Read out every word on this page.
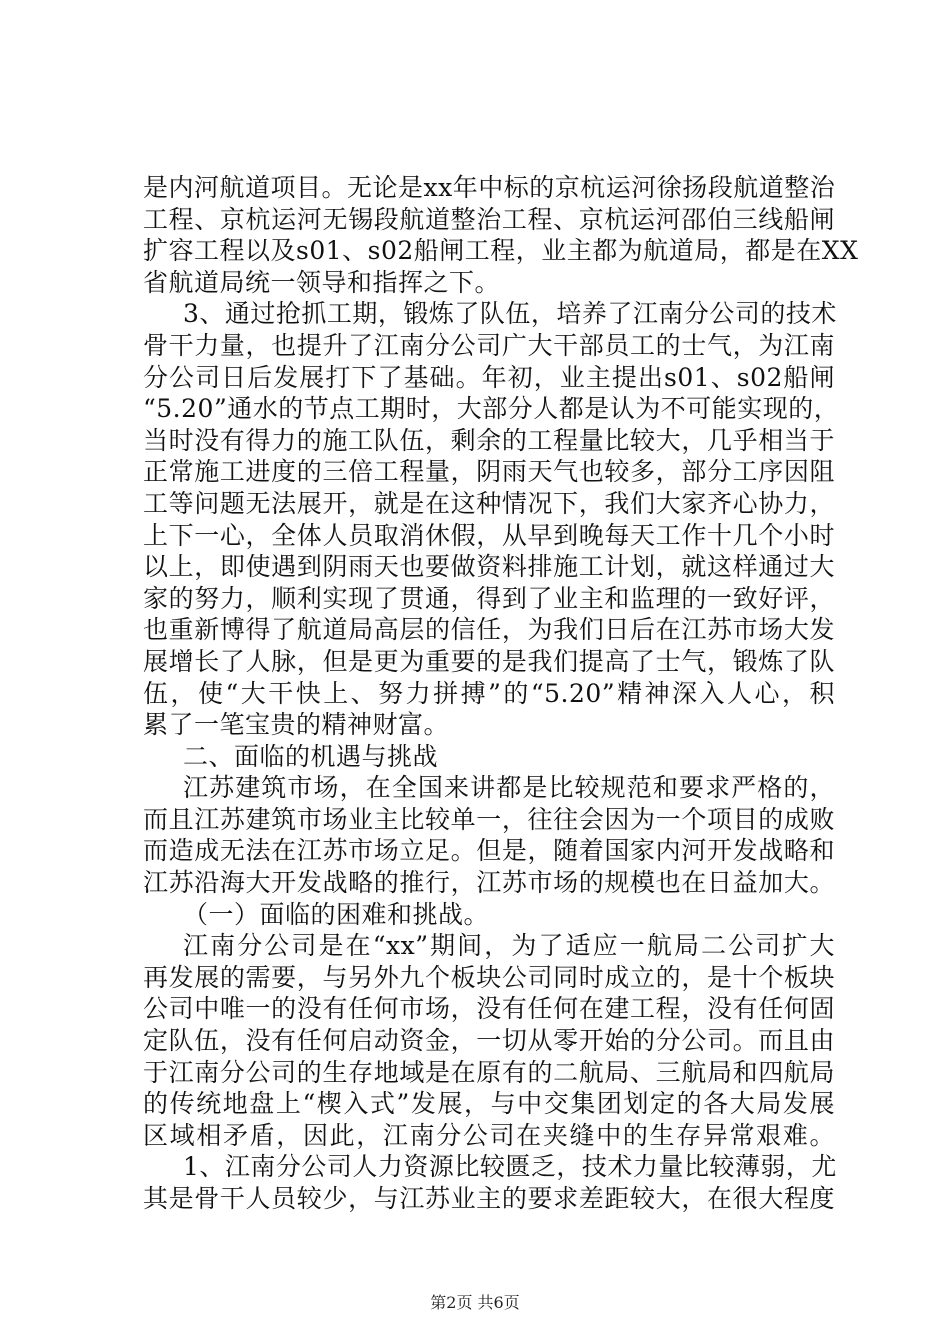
是内河航道项目。无论是xx年中标的京杭运河徐扬段航道整治
工程、京杭运河无锡段航道整治工程、京杭运河邵伯三线船闸
扩容工程以及s01、s02船闸工程，业主都为航道局，都是在XX
省航道局统一领导和指挥之下。
3、通过抢抓工期，锻炼了队伍，培养了江南分公司的技术
骨干力量，也提升了江南分公司广大干部员工的士气，为江南
分公司日后发展打下了基础。年初，业主提出s01、s02船闸
“5.20”通水的节点工期时，大部分人都是认为不可能实现的，
当时没有得力的施工队伍，剩余的工程量比较大，几乎相当于
正常施工进度的三倍工程量，阴雨天气也较多，部分工序因阻
工等问题无法展开，就是在这种情况下，我们大家齐心协力，
上下一心，全体人员取消休假，从早到晚每天工作十几个小时
以上，即使遇到阴雨天也要做资料排施工计划，就这样通过大
家的努力，顺利实现了贯通，得到了业主和监理的一致好评，
也重新博得了航道局高层的信任，为我们日后在江苏市场大发
展增长了人脉，但是更为重要的是我们提高了士气，锻炼了队
伍，使“大干快上、努力拼搏”的“5.20”精神深入人心，积
累了一笔宝贵的精神财富。
二、面临的机遇与挑战
江苏建筑市场，在全国来讲都是比较规范和要求严格的，
而且江苏建筑市场业主比较单一，往往会因为一个项目的成败
而造成无法在江苏市场立足。但是，随着国家内河开发战略和
江苏沿海大开发战略的推行，江苏市场的规模也在日益加大。
（一）面临的困难和挑战。
江南分公司是在“xx”期间，为了适应一航局二公司扩大
再发展的需要，与另外九个板块公司同时成立的，是十个板块
公司中唯一的没有任何市场，没有任何在建工程，没有任何固
定队伍，没有任何启动资金，一切从零开始的分公司。而且由
于江南分公司的生存地域是在原有的二航局、三航局和四航局
的传统地盘上“楔入式”发展，与中交集团划定的各大局发展
区域相矛盾，因此，江南分公司在夹缝中的生存异常艰难。
1、江南分公司人力资源比较匮乏，技术力量比较薄弱，尤
其是骨干人员较少，与江苏业主的要求差距较大，在很大程度
第2页 共6页
